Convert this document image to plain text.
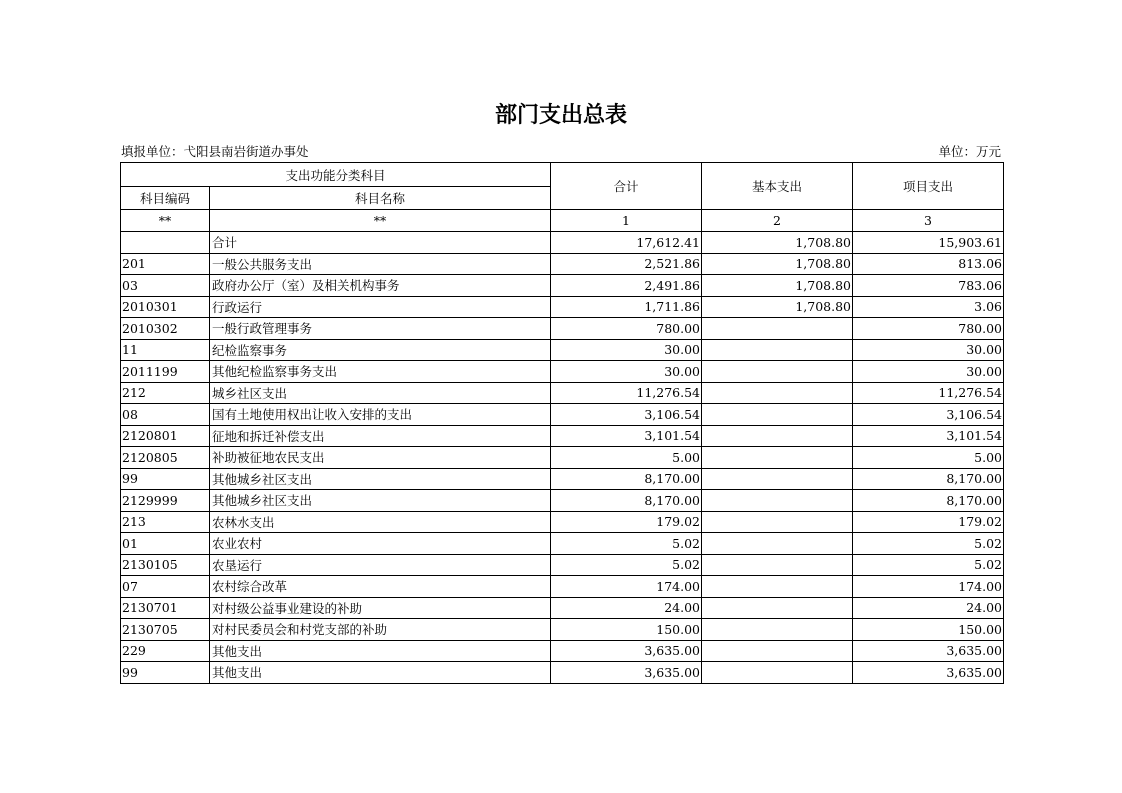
部门支出总表
填报单位：弋阳县南岩街道办事处	单位：万元
支出功能分类科目		合计	基本支出	项目支出
科目编码	科目名称			
**	**	1	2	3
	合计	17,612.41	1,708.80	15,903.61
201	一般公共服务支出	2,521.86	1,708.80	813.06
03	政府办公厅（室）及相关机构事务	2,491.86	1,708.80	783.06
2010301	行政运行	1,711.86	1,708.80	3.06
2010302	一般行政管理事务	780.00		780.00
11	纪检监察事务	30.00		30.00
2011199	其他纪检监察事务支出	30.00		30.00
212	城乡社区支出	11,276.54		11,276.54
08	国有土地使用权出让收入安排的支出	3,106.54		3,106.54
2120801	征地和拆迁补偿支出	3,101.54		3,101.54
2120805	补助被征地农民支出	5.00		5.00
99	其他城乡社区支出	8,170.00		8,170.00
2129999	其他城乡社区支出	8,170.00		8,170.00
213	农林水支出	179.02		179.02
01	农业农村	5.02		5.02
2130105	农垦运行	5.02		5.02
07	农村综合改革	174.00		174.00
2130701	对村级公益事业建设的补助	24.00		24.00
2130705	对村民委员会和村党支部的补助	150.00		150.00
229	其他支出	3,635.00		3,635.00
99	其他支出	3,635.00		3,635.00
